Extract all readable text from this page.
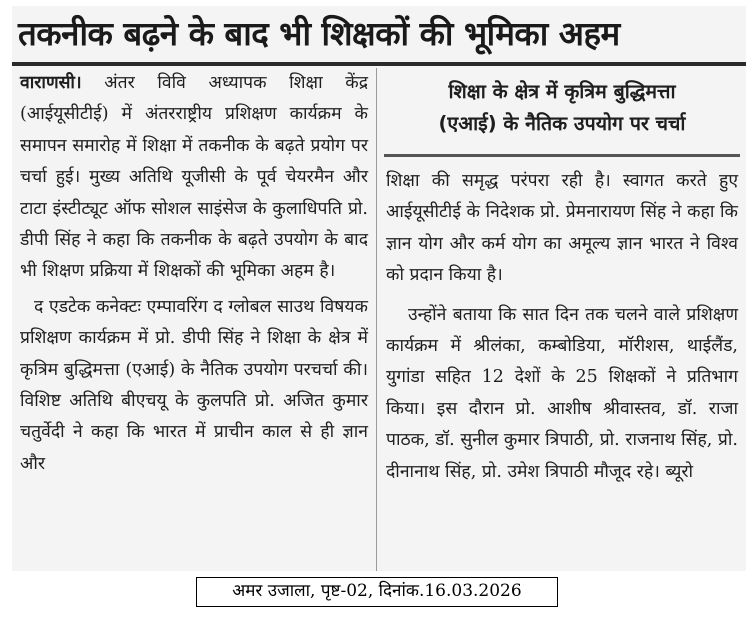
तकनीक बढ़ने के बाद भी शिक्षकों की भूमिका अहम

वाराणसी। अंतर विवि अध्यापक शिक्षा केंद्र (आईयूसीटीई) में अंतरराष्ट्रीय प्रशिक्षण कार्यक्रम के समापन समारोह में शिक्षा में तकनीक के बढ़ते प्रयोग पर चर्चा हुई। मुख्य अतिथि यूजीसी के पूर्व चेयरमैन और टाटा इंस्टीट्यूट ऑफ सोशल साइंसेज के कुलाधिपति प्रो. डीपी सिंह ने कहा कि तकनीक के बढ़ते उपयोग के बाद भी शिक्षण प्रक्रिया में शिक्षकों की भूमिका अहम है।

द एडटेक कनेक्टः एम्पावरिंग द ग्लोबल साउथ विषयक प्रशिक्षण कार्यक्रम में प्रो. डीपी सिंह ने शिक्षा के क्षेत्र में कृत्रिम बुद्धिमत्ता (एआई) के नैतिक उपयोग परचर्चा की। विशिष्ट अतिथि बीएचयू के कुलपति प्रो. अजित कुमार चतुर्वेदी ने कहा कि भारत में प्राचीन काल से ही ज्ञान और

शिक्षा के क्षेत्र में कृत्रिम बुद्धिमत्ता
(एआई) के नैतिक उपयोग पर चर्चा

शिक्षा की समृद्ध परंपरा रही है। स्वागत करते हुए आईयूसीटीई के निदेशक प्रो. प्रेमनारायण सिंह ने कहा कि ज्ञान योग और कर्म योग का अमूल्य ज्ञान भारत ने विश्व को प्रदान किया है।

उन्होंने बताया कि सात दिन तक चलने वाले प्रशिक्षण कार्यक्रम में श्रीलंका, कम्बोडिया, मॉरीशस, थाईलैंड, युगांडा सहित 12 देशों के 25 शिक्षकों ने प्रतिभाग किया। इस दौरान प्रो. आशीष श्रीवास्तव, डॉ. राजा पाठक, डॉ. सुनील कुमार त्रिपाठी, प्रो. राजनाथ सिंह, प्रो. दीनानाथ सिंह, प्रो. उमेश त्रिपाठी मौजूद रहे। ब्यूरो

अमर उजाला, पृष्ट-02, दिनांक.16.03.2026
